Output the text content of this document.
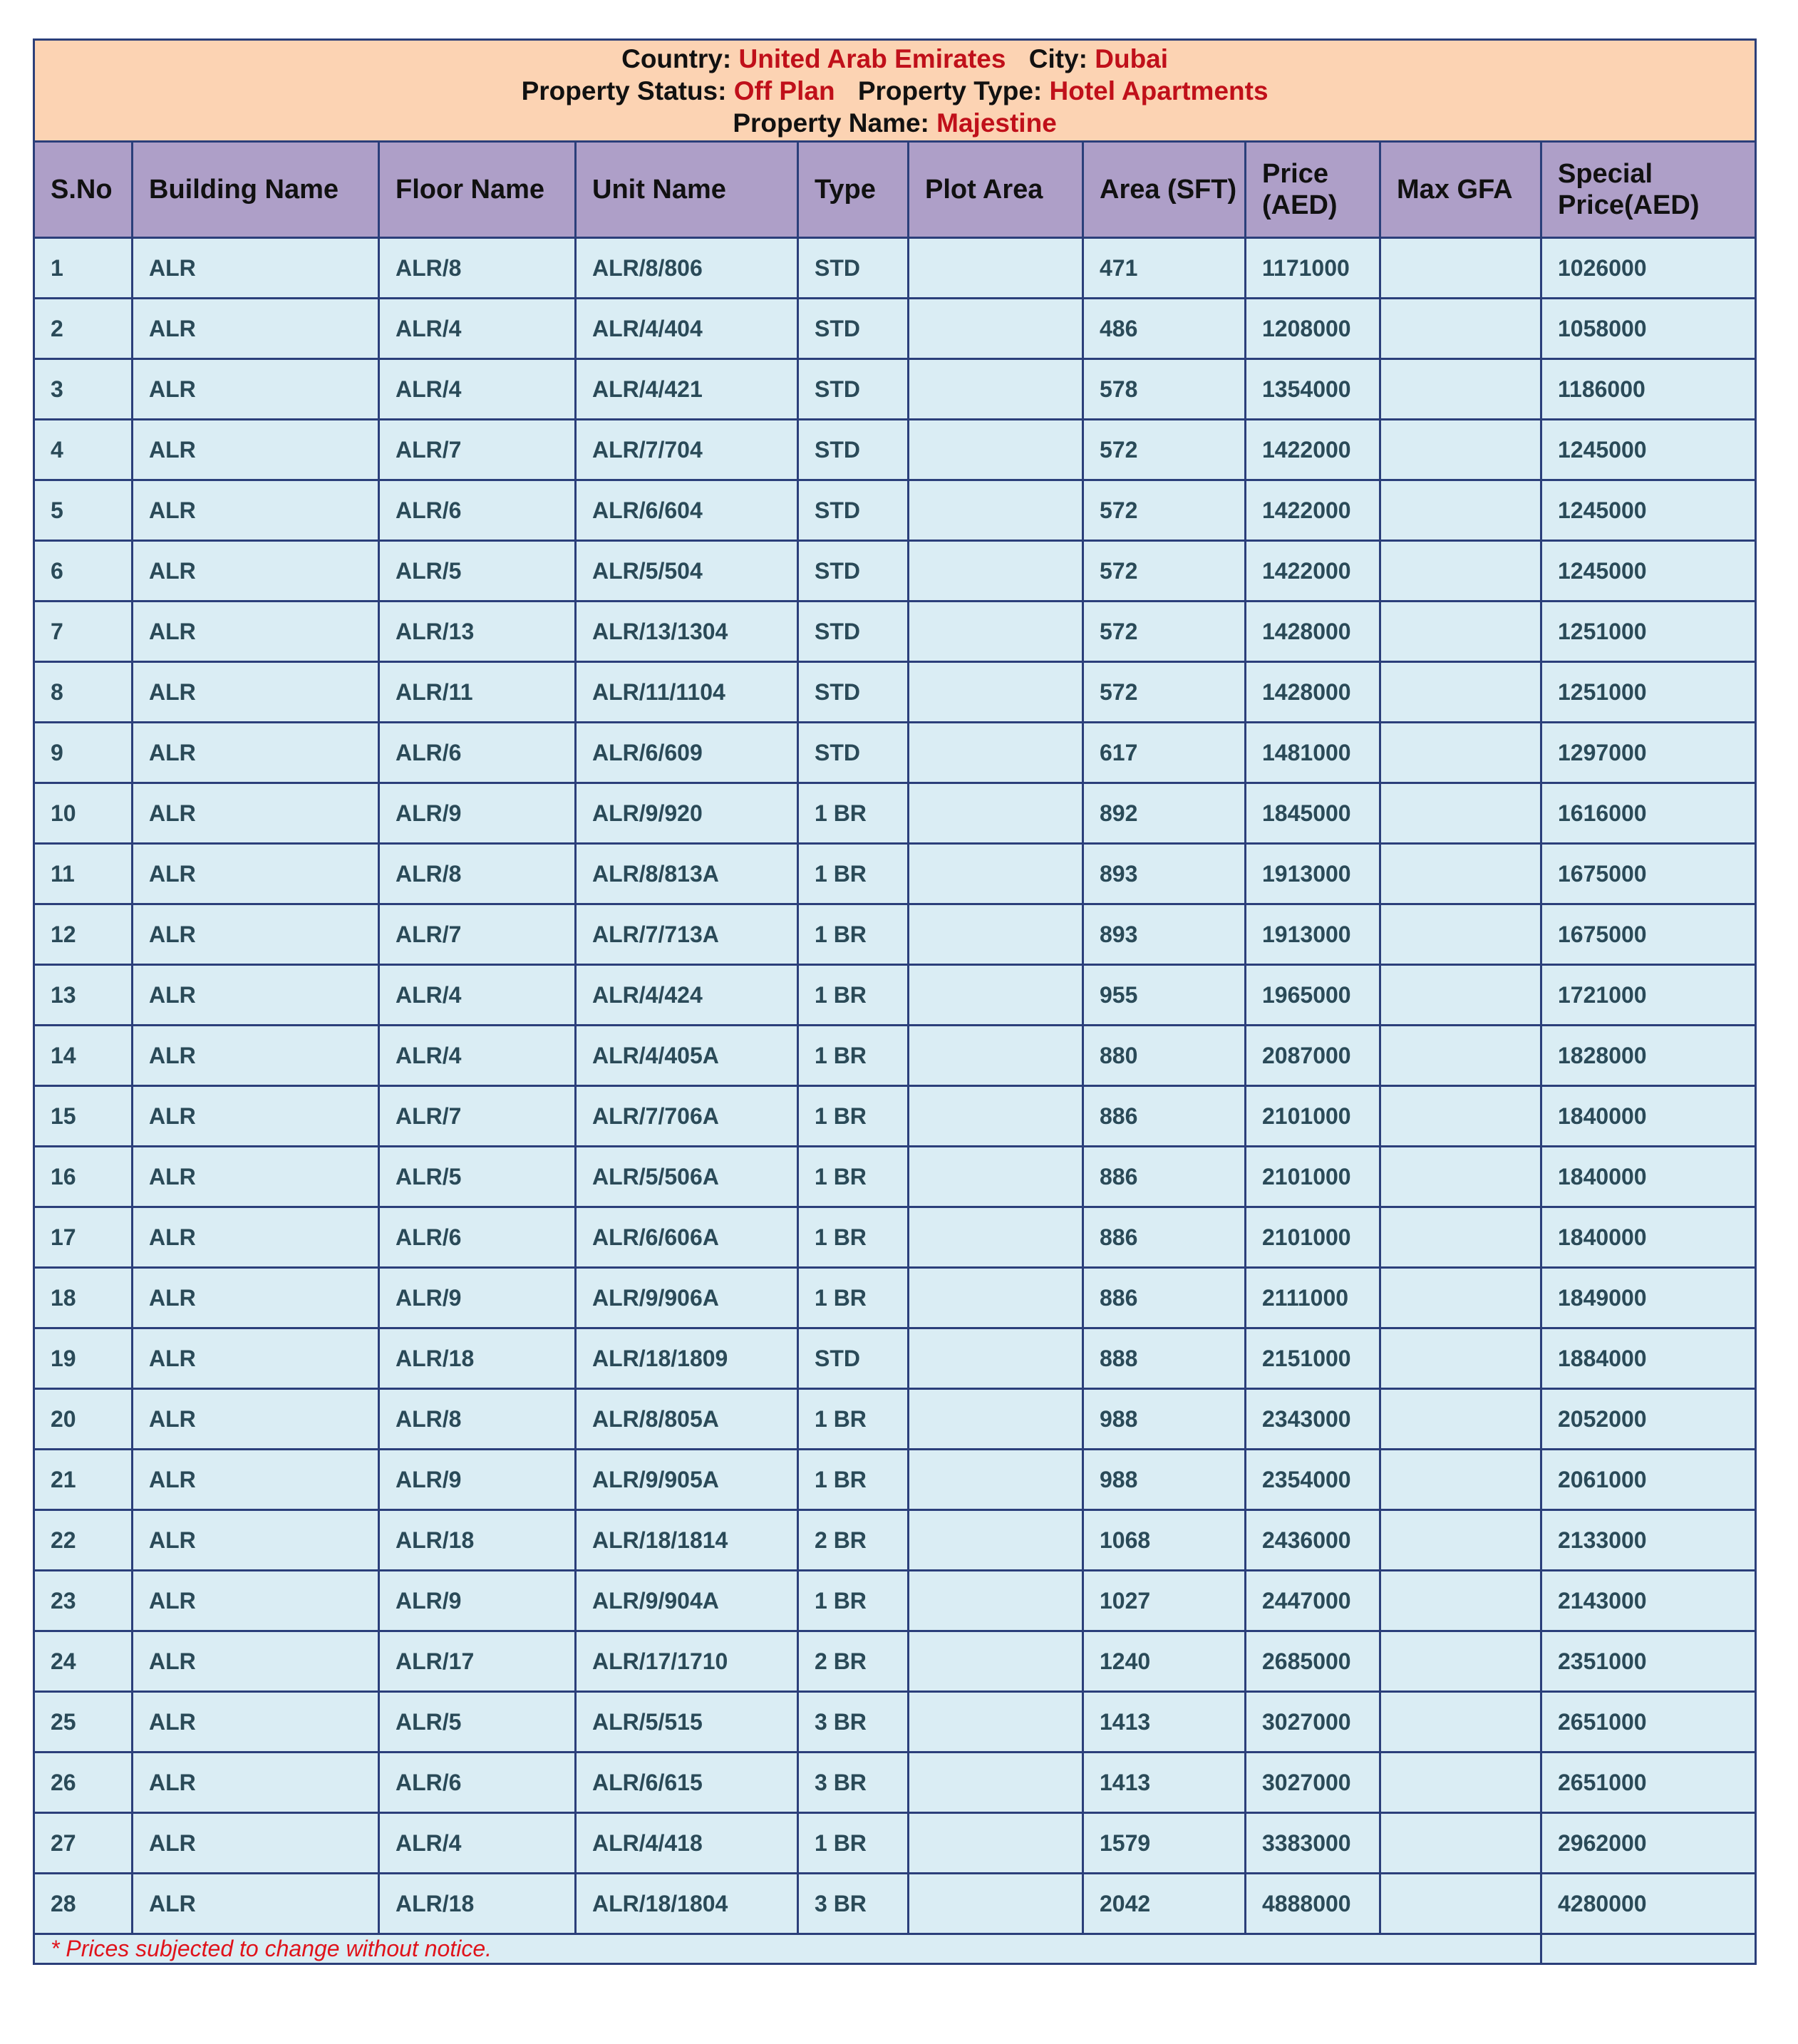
Country: United Arab Emirates City: Dubai
Property Status: Off Plan Property Type: Hotel Apartments
Property Name: Majestine									

S.No	Building Name	Floor Name	Unit Name	Type	Plot Area	Area (SFT)	Price (AED)	Max GFA	Special Price(AED)
1	ALR	ALR/8	ALR/8/806	STD		471	1171000		1026000
2	ALR	ALR/4	ALR/4/404	STD		486	1208000		1058000
3	ALR	ALR/4	ALR/4/421	STD		578	1354000		1186000
4	ALR	ALR/7	ALR/7/704	STD		572	1422000		1245000
5	ALR	ALR/6	ALR/6/604	STD		572	1422000		1245000
6	ALR	ALR/5	ALR/5/504	STD		572	1422000		1245000
7	ALR	ALR/13	ALR/13/1304	STD		572	1428000		1251000
8	ALR	ALR/11	ALR/11/1104	STD		572	1428000		1251000
9	ALR	ALR/6	ALR/6/609	STD		617	1481000		1297000
10	ALR	ALR/9	ALR/9/920	1 BR		892	1845000		1616000
11	ALR	ALR/8	ALR/8/813A	1 BR		893	1913000		1675000
12	ALR	ALR/7	ALR/7/713A	1 BR		893	1913000		1675000
13	ALR	ALR/4	ALR/4/424	1 BR		955	1965000		1721000
14	ALR	ALR/4	ALR/4/405A	1 BR		880	2087000		1828000
15	ALR	ALR/7	ALR/7/706A	1 BR		886	2101000		1840000
16	ALR	ALR/5	ALR/5/506A	1 BR		886	2101000		1840000
17	ALR	ALR/6	ALR/6/606A	1 BR		886	2101000		1840000
18	ALR	ALR/9	ALR/9/906A	1 BR		886	2111000		1849000
19	ALR	ALR/18	ALR/18/1809	STD		888	2151000		1884000
20	ALR	ALR/8	ALR/8/805A	1 BR		988	2343000		2052000
21	ALR	ALR/9	ALR/9/905A	1 BR		988	2354000		2061000
22	ALR	ALR/18	ALR/18/1814	2 BR		1068	2436000		2133000
23	ALR	ALR/9	ALR/9/904A	1 BR		1027	2447000		2143000
24	ALR	ALR/17	ALR/17/1710	2 BR		1240	2685000		2351000
25	ALR	ALR/5	ALR/5/515	3 BR		1413	3027000		2651000
26	ALR	ALR/6	ALR/6/615	3 BR		1413	3027000		2651000
27	ALR	ALR/4	ALR/4/418	1 BR		1579	3383000		2962000
28	ALR	ALR/18	ALR/18/1804	3 BR		2042	4888000		4280000
* Prices subjected to change without notice.									
